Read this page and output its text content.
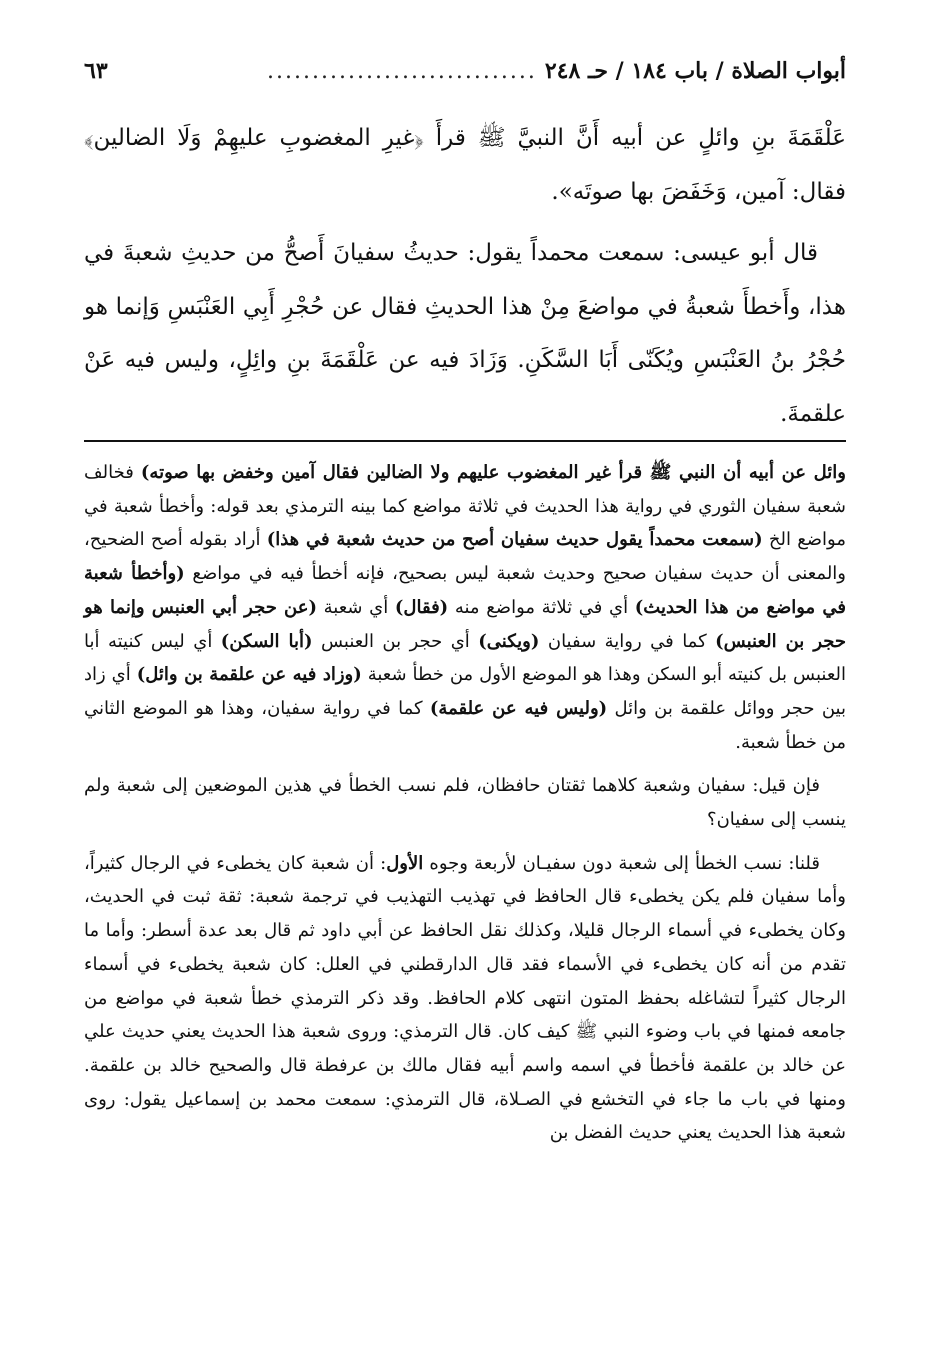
أبواب الصلاة / باب ١٨٤ / حـ ٢٤٨
..............................
٦٣

عَلْقَمَةَ بنِ وائلٍ عن أبيه أَنَّ النبيَّ ﷺ قرأَ ﴿غيرِ المغضوبِ عليهِمْ وَلَا الضالين﴾ فقال: آمين، وَخَفَضَ بها صوتَه».

قال أبو عيسى: سمعت محمداً يقول: حديثُ سفيانَ أَصحُّ من حديثِ شعبةَ في هذا، وأَخطأَ شعبةُ في مواضعَ مِنْ هذا الحديثِ فقال عن حُجْرِ أَبِي العَنْبَسِ وَإنما هو حُجْرُ بنُ العَنْبَسِ ويُكَنّى أَبَا السَّكَنِ. وَزَادَ فيه عن عَلْقَمَةَ بنِ وائِلٍ، وليس فيه عَنْ علقمةَ.

وائل عن أبيه أن النبي ﷺ قرأ غير المغضوب عليهم ولا الضالين فقال آمين وخفض بها صوته) فخالف شعبة سفيان الثوري في رواية هذا الحديث في ثلاثة مواضع كما بينه الترمذي بعد قوله: وأخطأ شعبة في مواضع الخ (سمعت محمداً يقول حديث سفيان أصح من حديث شعبة في هذا) أراد بقوله أصح الضحيح، والمعنى أن حديث سفيان صحيح وحديث شعبة ليس بصحيح، فإنه أخطأ فيه في مواضع (وأخطأ شعبة في مواضع من هذا الحديث) أي في ثلاثة مواضع منه (فقال) أي شعبة (عن حجر أبي العنبس وإنما هو حجر بن العنبس) كما في رواية سفيان (ويكنى) أي حجر بن العنبس (أبا السكن) أي ليس كنيته أبا العنبس بل كنيته أبو السكن وهذا هو الموضع الأول من خطأ شعبة (وزاد فيه عن علقمة بن وائل) أي زاد بين حجر ووائل علقمة بن وائل (وليس فيه عن علقمة) كما في رواية سفيان، وهذا هو الموضع الثاني من خطأ شعبة.

فإن قيل: سفيان وشعبة كلاهما ثقتان حافظان، فلم نسب الخطأ في هذين الموضعين إلى شعبة ولم ينسب إلى سفيان؟

قلنا: نسب الخطأ إلى شعبة دون سفيـان لأربعة وجوه الأول: أن شعبة كان يخطىء في الرجال كثيراً، وأما سفيان فلم يكن يخطىء قال الحافظ في تهذيب التهذيب في ترجمة شعبة: ثقة ثبت في الحديث، وكان يخطىء في أسماء الرجال قليلا، وكذلك نقل الحافظ عن أبي داود ثم قال بعد عدة أسطر: وأما ما تقدم من أنه كان يخطىء في الأسماء فقد قال الدارقطني في العلل: كان شعبة يخطىء في أسماء الرجال كثيراً لتشاغله بحفظ المتون انتهى كلام الحافظ. وقد ذكر الترمذي خطأ شعبة في مواضع من جامعه فمنها في باب وضوء النبي ﷺ كيف كان. قال الترمذي: وروى شعبة هذا الحديث يعني حديث علي عن خالد بن علقمة فأخطأ في اسمه واسم أبيه فقال مالك بن عرفطة قال والصحيح خالد بن علقمة. ومنها في باب ما جاء في التخشع في الصـلاة، قال الترمذي: سمعت محمد بن إسماعيل يقول: روى شعبة هذا الحديث يعني حديث الفضل بن
